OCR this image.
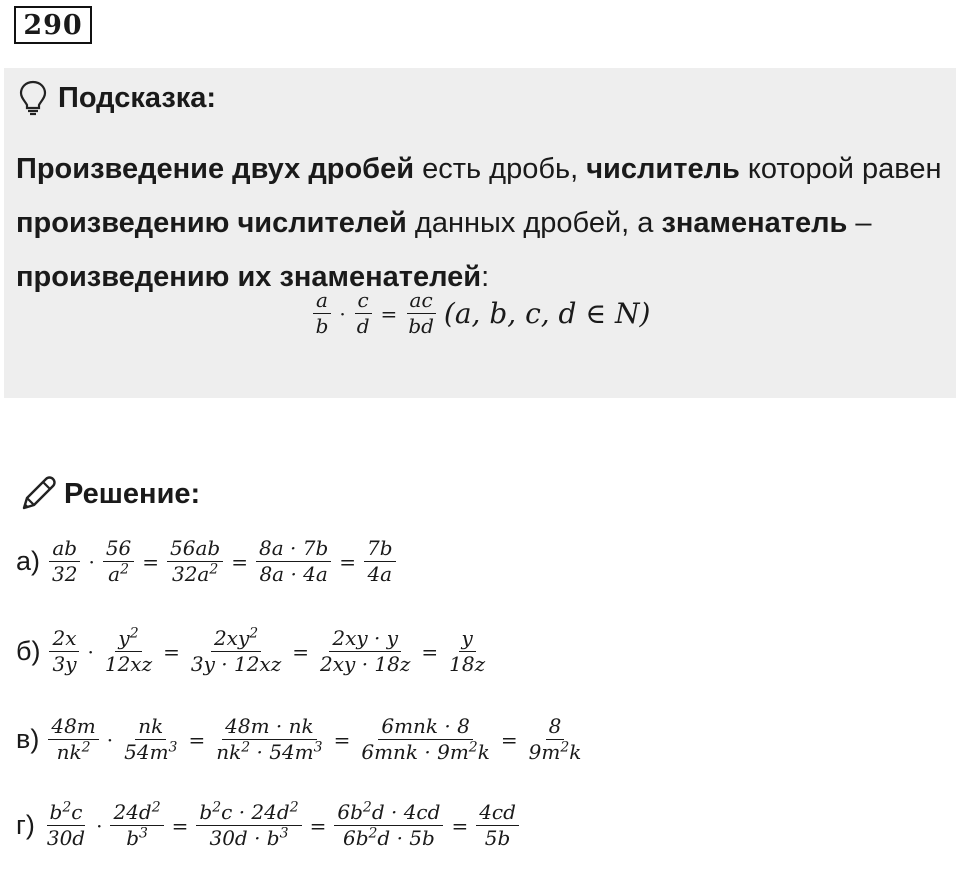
290
Подсказка:
Произведение двух дробей есть дробь, числитель которой равен произведению числителей данных дробей, а знаменатель – произведению их знаменателей:
$\frac{a}{b} \cdot \frac{c}{d} = \frac{ac}{bd} (a$, b, c, d ∈ N)
Решение:
$а) \frac{ab}{32} \cdot \frac{56}{a^2} = \frac{56ab}{32a^2} = \frac{8a \cdot 7b}{8a \cdot 4a} = \frac{7b}{4a}$
$б) \frac{2x}{3y} \cdot \frac{y^2}{12xz} = \frac{2xy^2}{3y \cdot 12xz} = \frac{2xy \cdot y}{2xy \cdot 18z} = \frac{y}{18z}$
$в) \frac{48m}{nk^2} \cdot \frac{nk}{54m^3} = \frac{48m \cdot nk}{nk^2 \cdot 54m^3} = \frac{\text{6mnk · 8}}{6mnk \cdot 9m^2k} = \frac{8}{9m^2k}$
$г) \frac{b^2c}{30d} \cdot \frac{24d^2}{b^3} = \frac{b^2c \cdot 24d^2}{30d \cdot b^3} = \frac{6b^2d \cdot 4cd}{6b^2d \cdot 5b} = \frac{4cd}{5b}$
